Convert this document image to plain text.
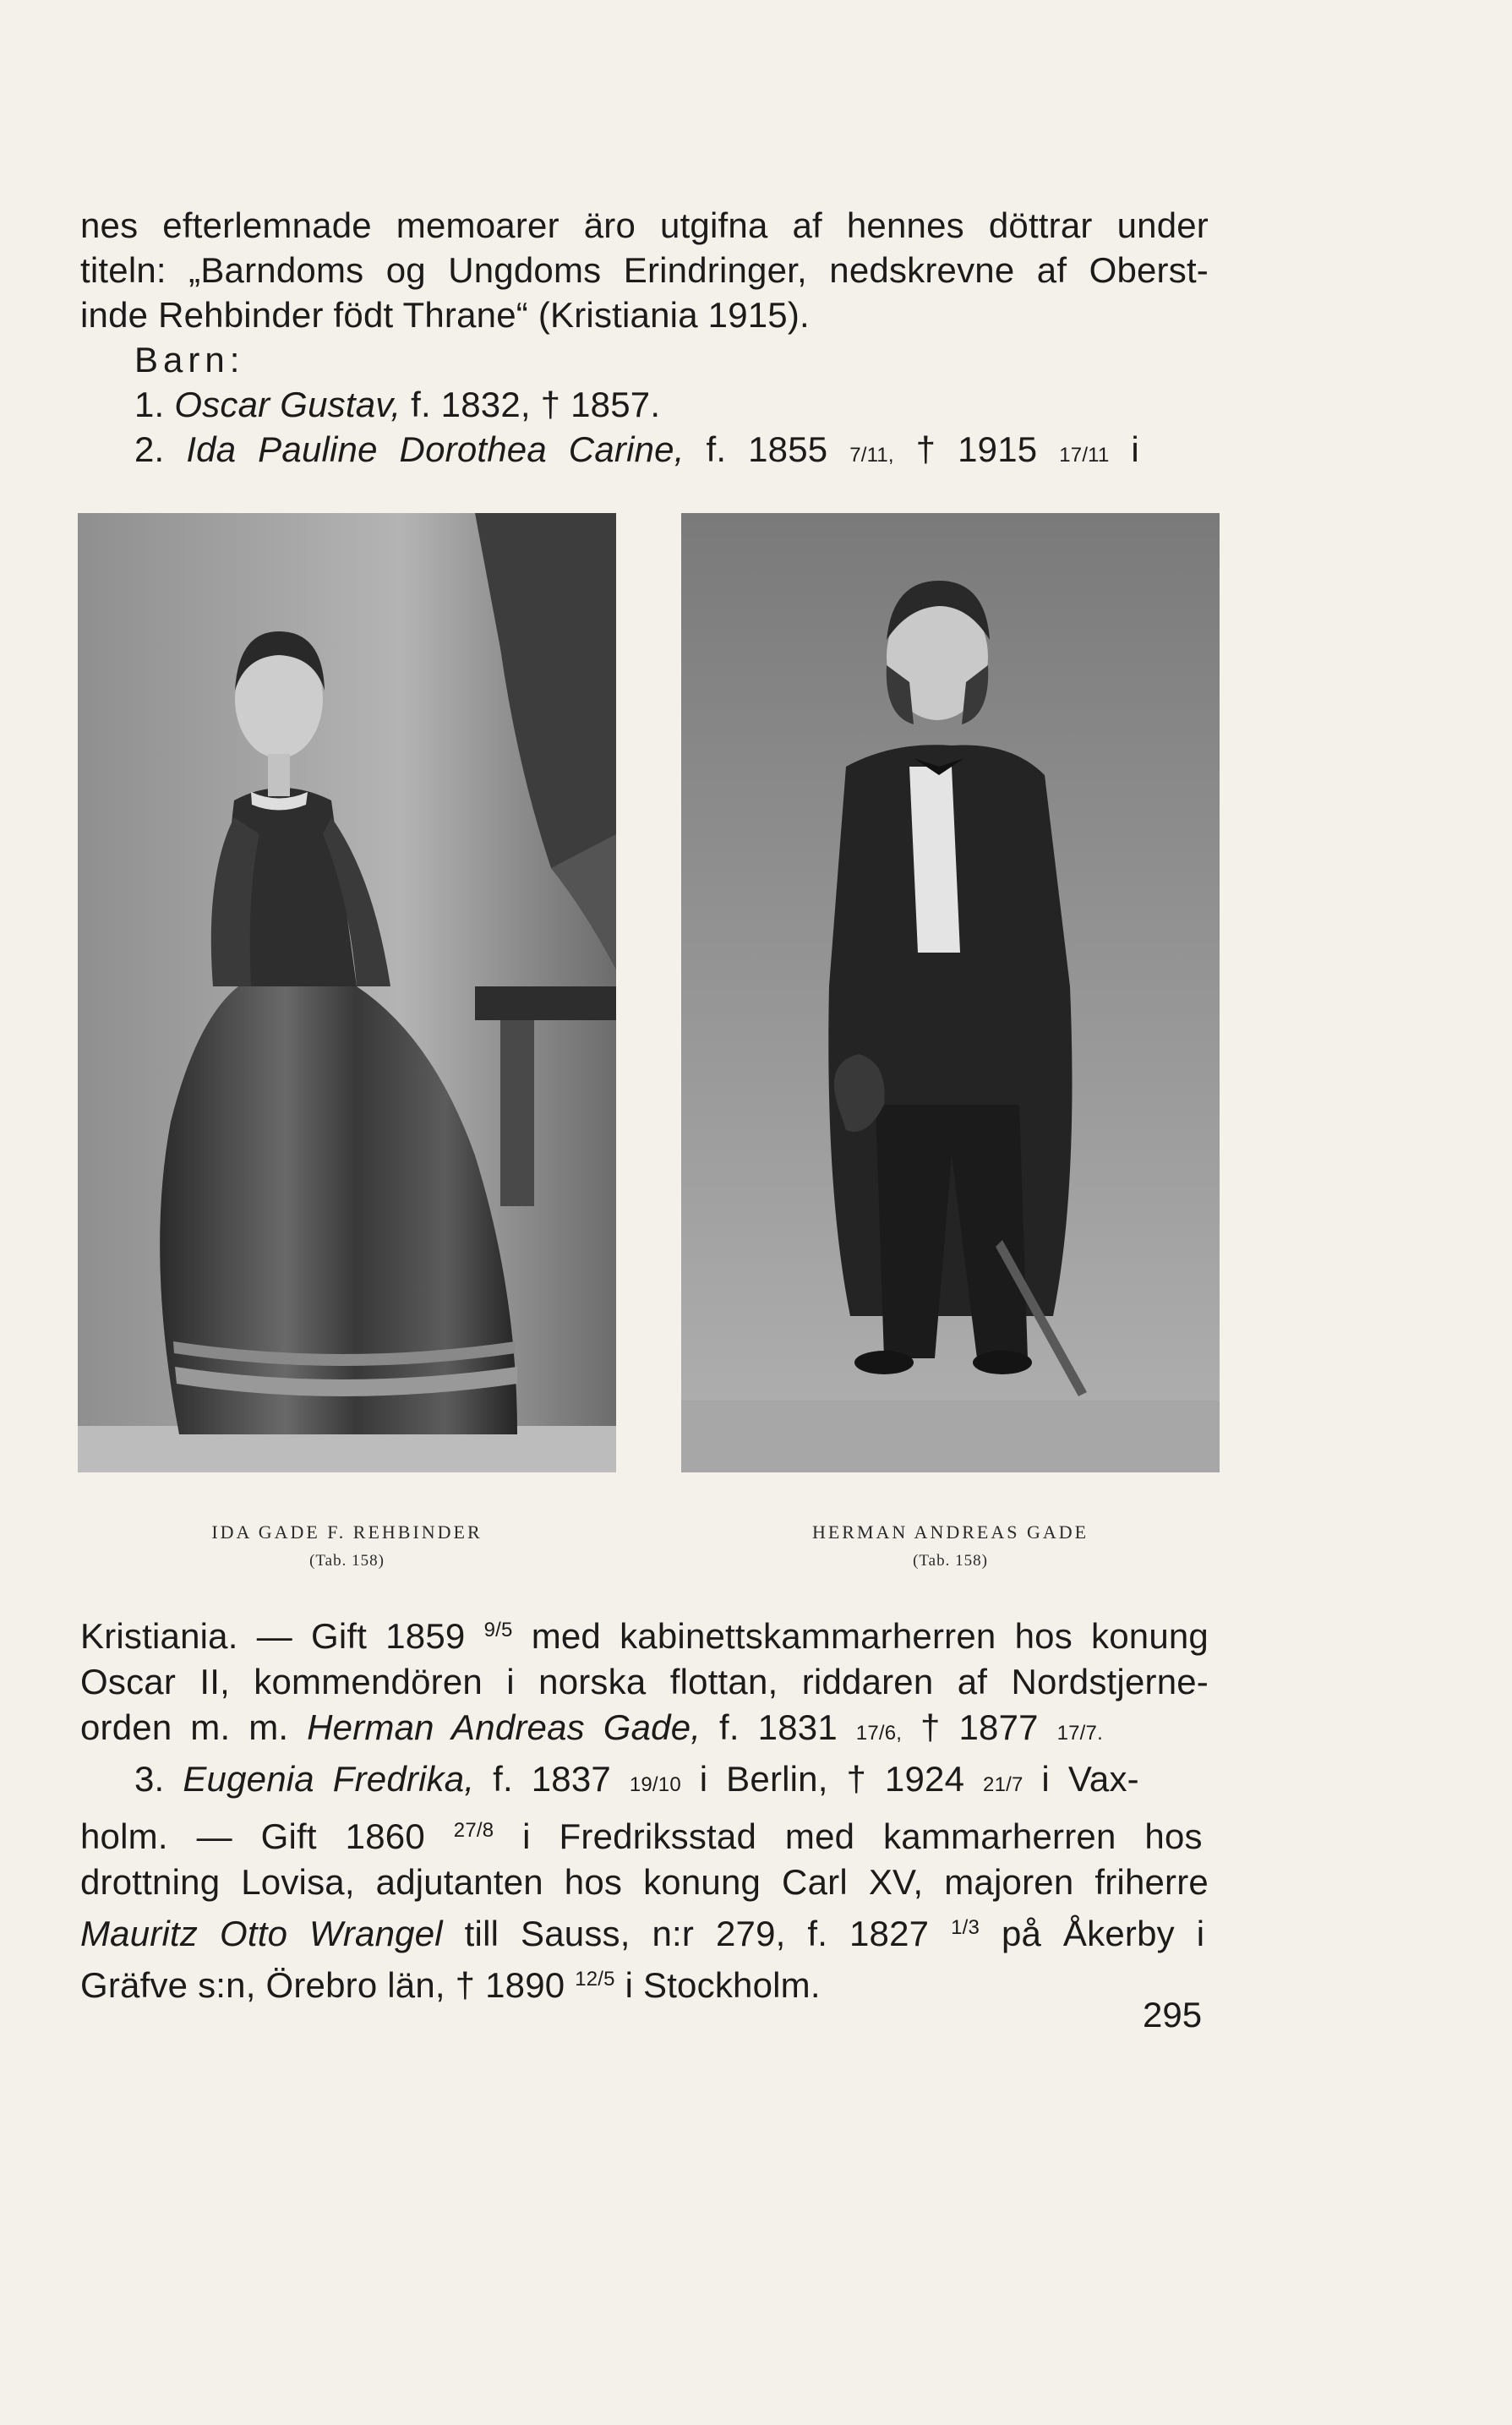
nes efterlemnade memoarer äro utgifna af hennes döttrar under
titeln: „Barndoms og Ungdoms Erindringer, nedskrevne af Oberst-
inde Rehbinder födt Thrane“ (Kristiania 1915).
Barn:
1. Oscar Gustav, f. 1832, † 1857.
2. Ida Pauline Dorothea Carine, f. 1855 7/11, † 1915 17/11 i
IDA GADE F. REHBINDER
(Tab. 158)
HERMAN ANDREAS GADE
(Tab. 158)
Kristiania. — Gift 1859 $^{9/5}$ med kabinettskammarherren hos konung
Oscar II, kommendören i norska flottan, riddaren af Nordstjerne-
orden m. m. Herman Andreas Gade, f. 1831 17/6, † 1877 17/7.
3. Eugenia Fredrika, f. 1837 19/10 i Berlin, † 1924 21/7 i Vax-
holm. — Gift 1860 $^{27/8}$ i Fredriksstad med kammarherren hos
drottning Lovisa, adjutanten hos konung Carl XV, majoren friherre
Mauritz Otto Wrangel till Sauss, n:r 279, f. 1827 $^{1/3}$ på Åkerby i
Gräfve s:n, Örebro län, † 1890 $^{12/5}$ i Stockholm.
295
